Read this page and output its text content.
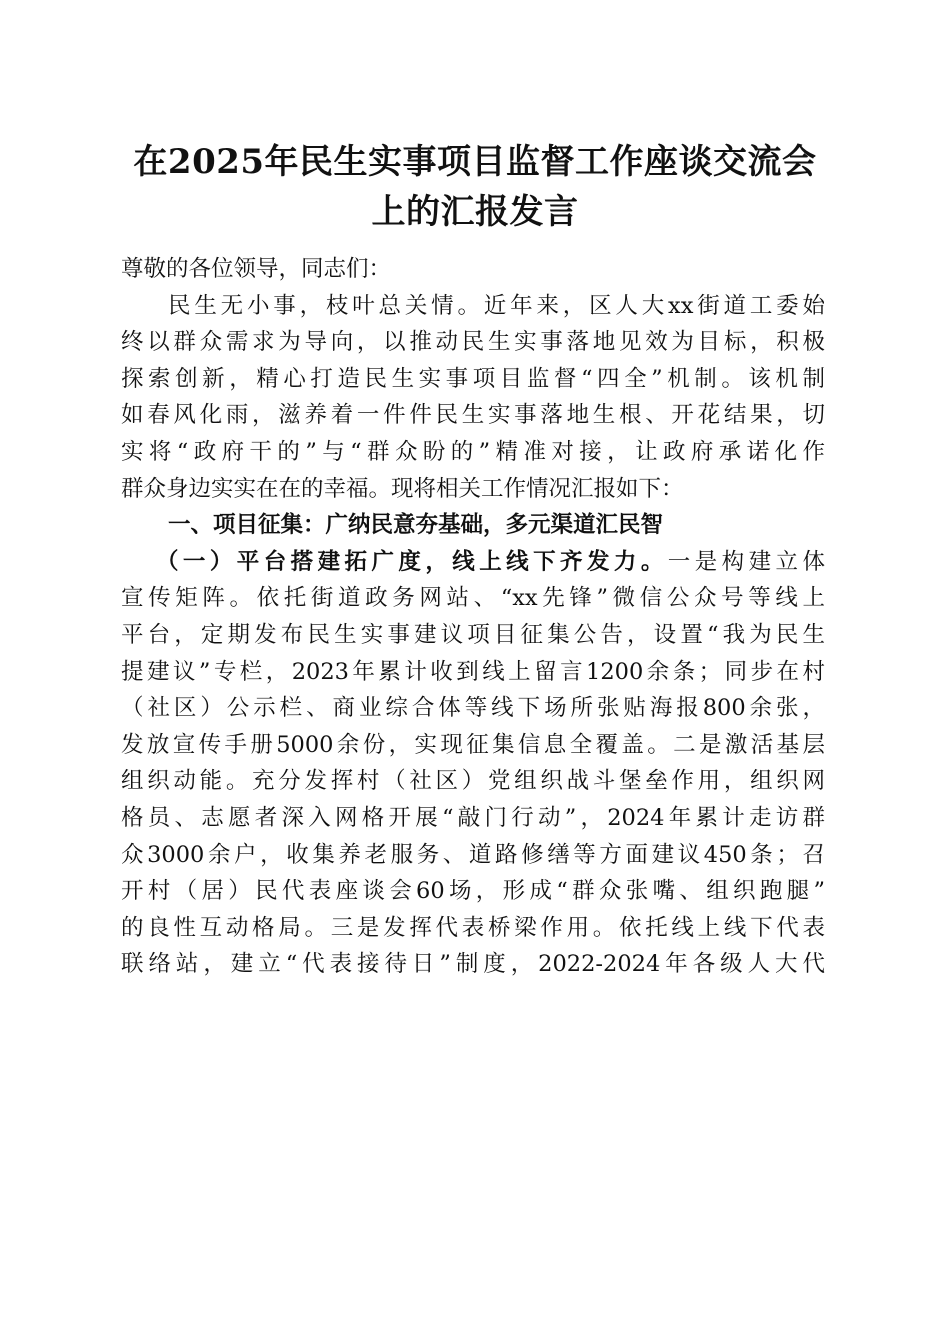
在2025年民生实事项目监督工作座谈交流会
上的汇报发言
尊敬的各位领导，同志们：
民生无小事，枝叶总关情。近年来，区人大xx街道工委始
终以群众需求为导向，以推动民生实事落地见效为目标，积极
探索创新，精心打造民生实事项目监督“四全”机制。该机制
如春风化雨，滋养着一件件民生实事落地生根、开花结果，切
实将“政府干的”与“群众盼的”精准对接，让政府承诺化作
群众身边实实在在的幸福。现将相关工作情况汇报如下：
一、项目征集：广纳民意夯基础，多元渠道汇民智
（一）平台搭建拓广度，线上线下齐发力。一是构建立体
宣传矩阵。依托街道政务网站、“xx先锋”微信公众号等线上
平台，定期发布民生实事建议项目征集公告，设置“我为民生
提建议”专栏，2023年累计收到线上留言1200余条；同步在村
（社区）公示栏、商业综合体等线下场所张贴海报800余张，
发放宣传手册5000余份，实现征集信息全覆盖。二是激活基层
组织动能。充分发挥村（社区）党组织战斗堡垒作用，组织网
格员、志愿者深入网格开展“敲门行动”，2024年累计走访群
众3000余户，收集养老服务、道路修缮等方面建议450条；召
开村（居）民代表座谈会60场，形成“群众张嘴、组织跑腿”
的良性互动格局。三是发挥代表桥梁作用。依托线上线下代表
联络站，建立“代表接待日”制度，2022-2024年各级人大代
